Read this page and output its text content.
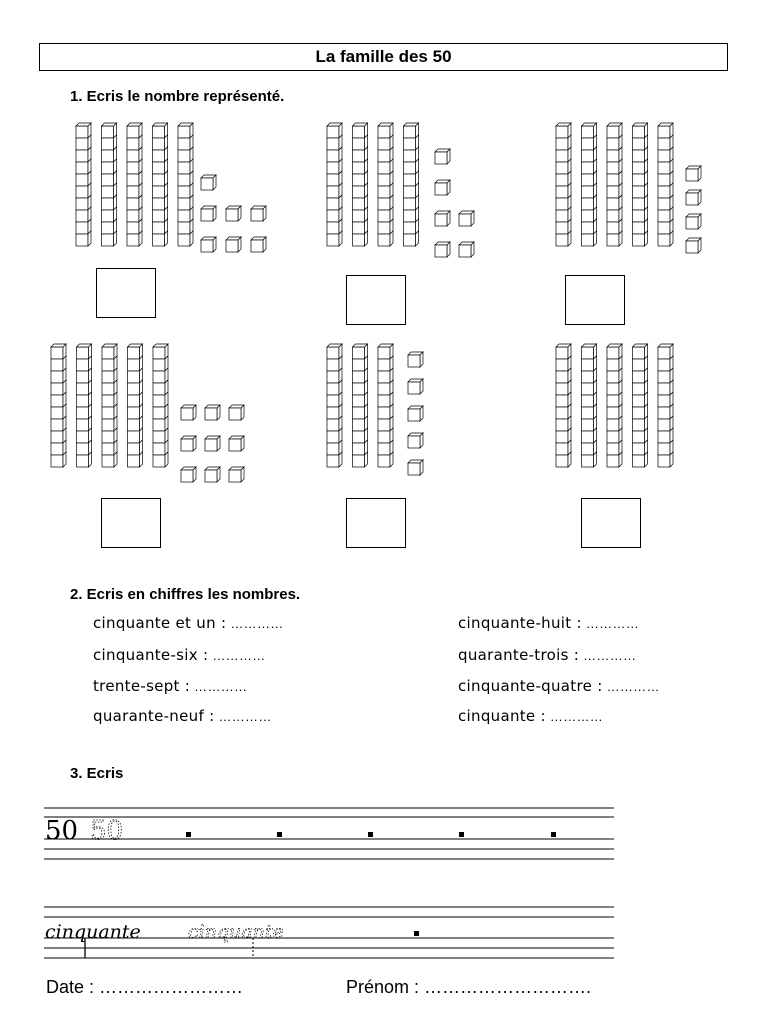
La famille des 50
1. Ecris le nombre représenté.
2. Ecris en chiffres les nombres.
cinquante et un : …………
cinquante-six : …………
trente-sept : …………
quarante-neuf : …………
cinquante-huit : …………
quarante-trois : …………
cinquante-quatre : …………
cinquante : …………
3. Ecris
50 50
cinquante cinquante
Date : ……………………	Prénom : ……………………….
